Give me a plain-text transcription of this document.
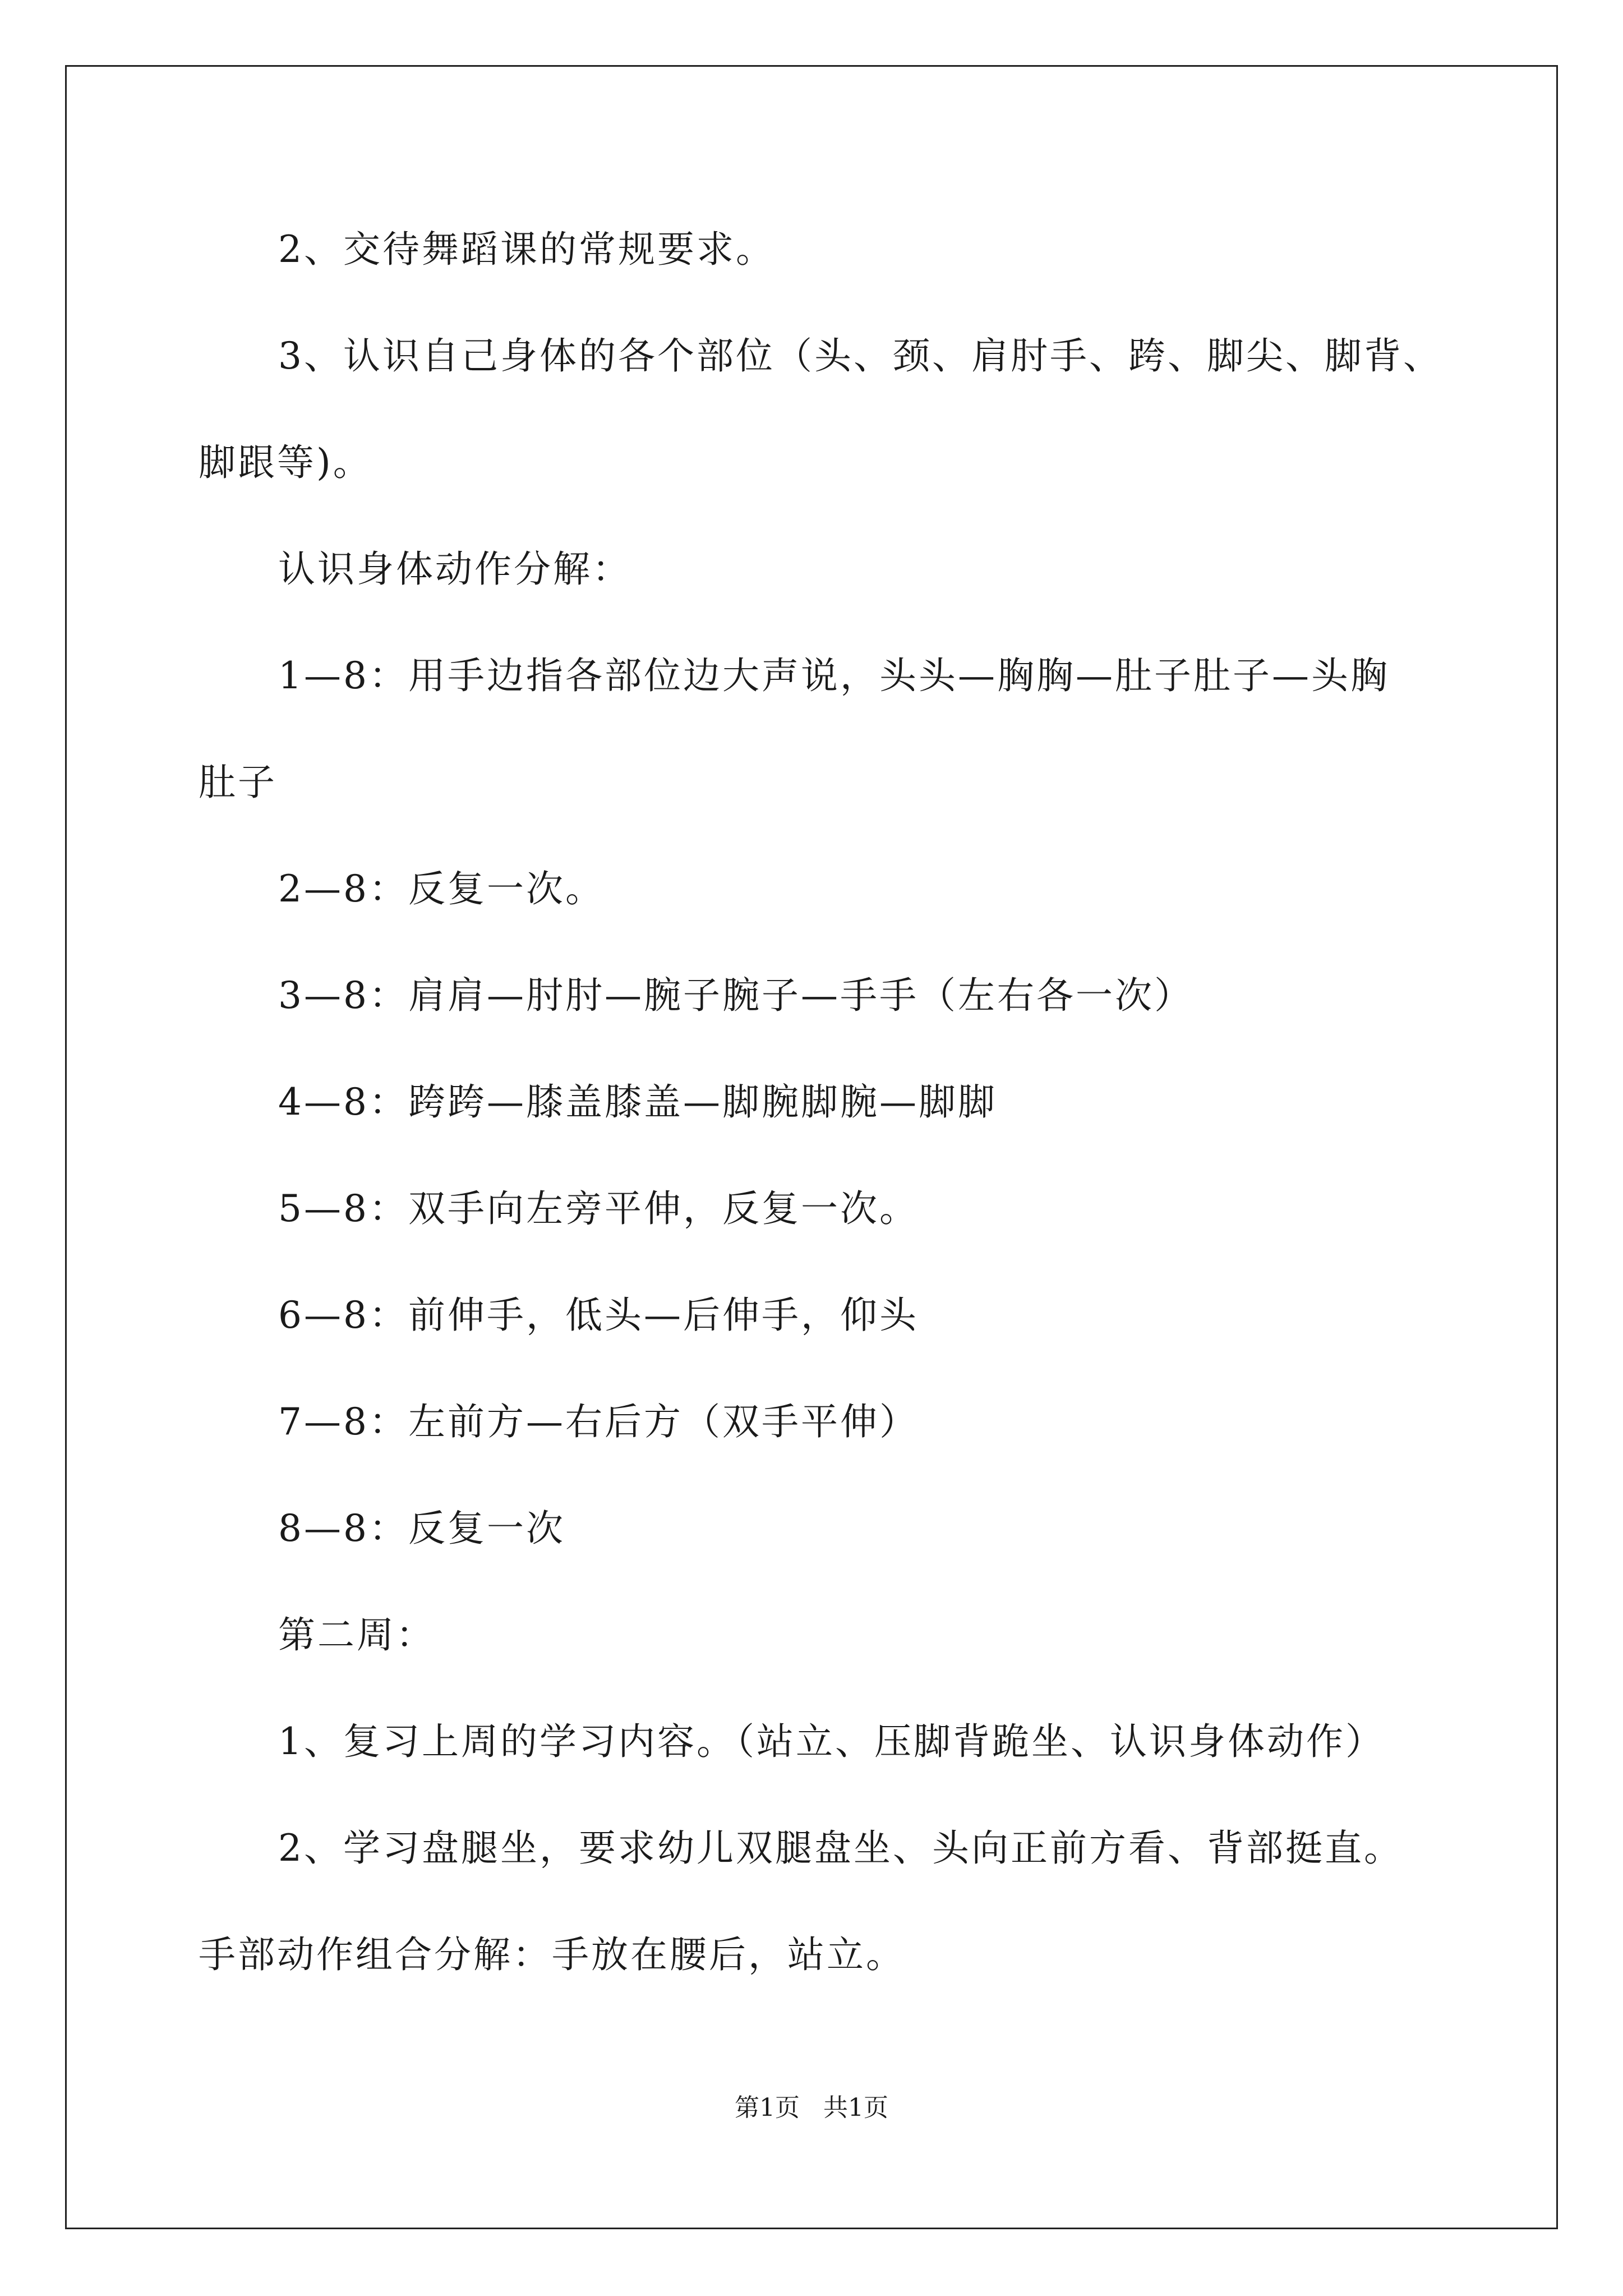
2、交待舞蹈课的常规要求。
3、认识自己身体的各个部位（头、颈、肩肘手、跨、脚尖、脚背、
脚跟等)。
认识身体动作分解：
1—8：用手边指各部位边大声说，头头—胸胸—肚子肚子—头胸
肚子
2—8：反复一次。
3—8：肩肩—肘肘—腕子腕子—手手（左右各一次）
4—8：跨跨—膝盖膝盖—脚腕脚腕—脚脚
5—8：双手向左旁平伸，反复一次。
6—8：前伸手，低头—后伸手，仰头
7—8：左前方—右后方（双手平伸）
8—8：反复一次
第二周：
1、复习上周的学习内容。（站立、压脚背跪坐、认识身体动作）
2、学习盘腿坐，要求幼儿双腿盘坐、头向正前方看、背部挺直。
手部动作组合分解：手放在腰后，站立。
第1页   共1页
